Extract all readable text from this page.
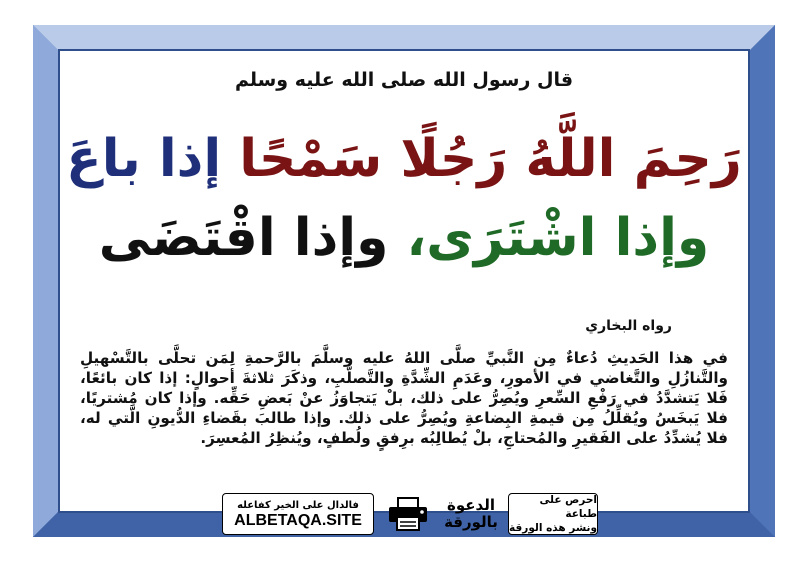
قال رسول الله صلى الله عليه وسلم
رَحِمَ اللَّهُ رَجُلًا سَمْحًا إذا باعَ
وإذا اشْتَرَى، وإذا اقْتَضَى
رواه البخاري
في هذا الحَديثِ دُعاءٌ مِن النَّبيِّ صلَّى اللهُ عليه وسلَّمَ بالرَّحمةِ لِمَن تحلَّى بالتَّسْهيلِ والتَّنازُلِ والتَّغاضي في الأمورِ، وعَدَمِ الشِّدَّةِ والتَّصلُّبِ، وذكَرَ ثلاثةَ أحوالٍ: إذا كان بائعًا، فَلا يَتشدَّدُ في رَفْعِ السِّعرِ ويُصِرُّ على ذلك، بلْ يَتجاوَزُ عنْ بَعضِ حَقِّه. وإذا كان مُشتريًا، فلا يَبخَسُ ويُقلِّلُ مِن قيمةِ البِضاعةِ ويُصِرُّ على ذلك. وإذا طالبَ بقَضاءِ الدُّيونِ الَّتي له، فلا يُشدِّدُ على الفَقيرِ والمُحتاجِ، بلْ يُطالِبُه برِفقٍ ولُطفٍ، ويُنظِرُ المُعسِرَ.
احرص على طباعة
ونشر هذه الورقة
الدعوة
بالورقة
فالدال على الخير كفاعله
ALBETAQA.SITE
